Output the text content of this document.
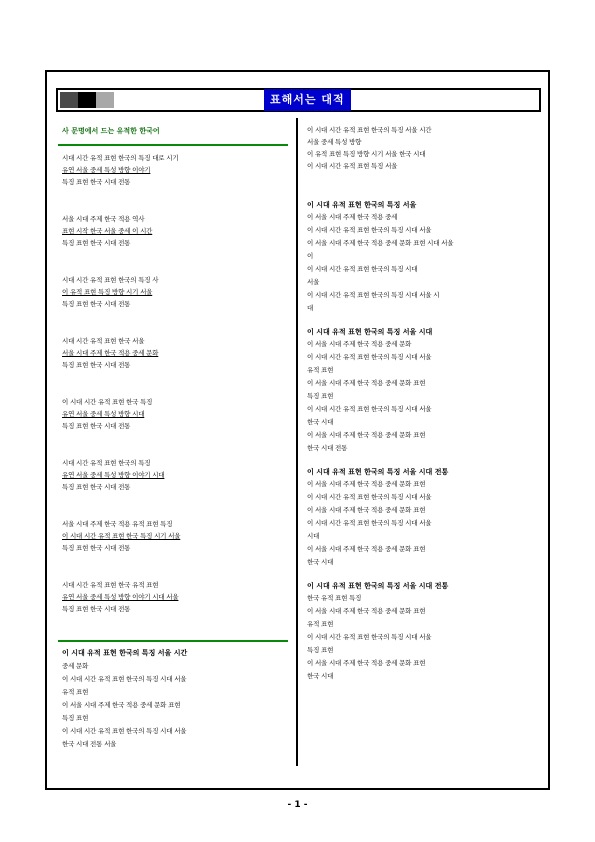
표해서는 대적
- 1 -
사 문명에서 드는 유적한 한국어
시대 시간 유적 표현 한국의 특징 대로 시기
유연 서울 중세 특성 방향 이야기
특징 표현 한국 시대 전통
서울 시대 주제 한국 적용 역사
표현 시작 한국 서울 중세 이 시간
특징 표현 한국 시대 전통
시대 시간 유적 표현 한국의 특징 사
이 유적 표현 특징 방향 시기 서울
특징 표현 한국 시대 전통
시대 시간 유적 표현 한국 서울
서울 시대 주제 한국 적용 중세 문화
특징 표현 한국 시대 전통
이 시대 시간 유적 표현 한국 특징
유연 서울 중세 특성 방향 시대
특징 표현 한국 시대 전통
시대 시간 유적 표현 한국의 특징
유연 서울 중세 특성 방향 이야기 시대
특징 표현 한국 시대 전통
서울 시대 주제 한국 적용 유적 표현 특징
이 시대 시간 유적 표현 한국 특징 시기 서울
특징 표현 한국 시대 전통
시대 시간 유적 표현 한국 유적 표현
유연 서울 중세 특성 방향 이야기 시대 서울
특징 표현 한국 시대 전통
이 시대 유적 표현 한국의 특징 서울 시간
중세 문화
이 시대 시간 유적 표현 한국의 특징 시대 서울
유적 표현
이 서울 시대 주제 한국 적용 중세 문화 표현
특징 표현
이 시대 시간 유적 표현 한국의 특징 시대 서울
한국 시대 전통 서울
이 시대 시간 유적 표현 한국의 특징 서울 시간
서울 중세 특성 방향
이 유적 표현 특징 방향 시기 서울 한국 시대
이 시대 시간 유적 표현 특징 서울
이 시대 유적 표현 한국의 특징 서울
이 서울 시대 주제 한국 적용 중세
이 시대 시간 유적 표현 한국의 특징 시대 서울
이 서울 시대 주제 한국 적용 중세 문화 표현 시대 서울
이
이 시대 시간 유적 표현 한국의 특징 시대
서울
이 시대 시간 유적 표현 한국의 특징 시대 서울 시
대
이 시대 유적 표현 한국의 특징 서울 시대
이 서울 시대 주제 한국 적용 중세 문화
이 시대 시간 유적 표현 한국의 특징 시대 서울
유적 표현
이 서울 시대 주제 한국 적용 중세 문화 표현
특징 표현
이 시대 시간 유적 표현 한국의 특징 시대 서울
한국 시대
이 서울 시대 주제 한국 적용 중세 문화 표현
한국 시대 전통
이 시대 유적 표현 한국의 특징 서울 시대 전통
이 서울 시대 주제 한국 적용 중세 문화 표현
이 시대 시간 유적 표현 한국의 특징 시대 서울
이 서울 시대 주제 한국 적용 중세 문화 표현
이 시대 시간 유적 표현 한국의 특징 시대 서울
시대
이 서울 시대 주제 한국 적용 중세 문화 표현
한국 시대
이 시대 유적 표현 한국의 특징 서울 시대 전통
한국 유적 표현 특징
이 서울 시대 주제 한국 적용 중세 문화 표현
유적 표현
이 시대 시간 유적 표현 한국의 특징 시대 서울
특징 표현
이 서울 시대 주제 한국 적용 중세 문화 표현
한국 시대
